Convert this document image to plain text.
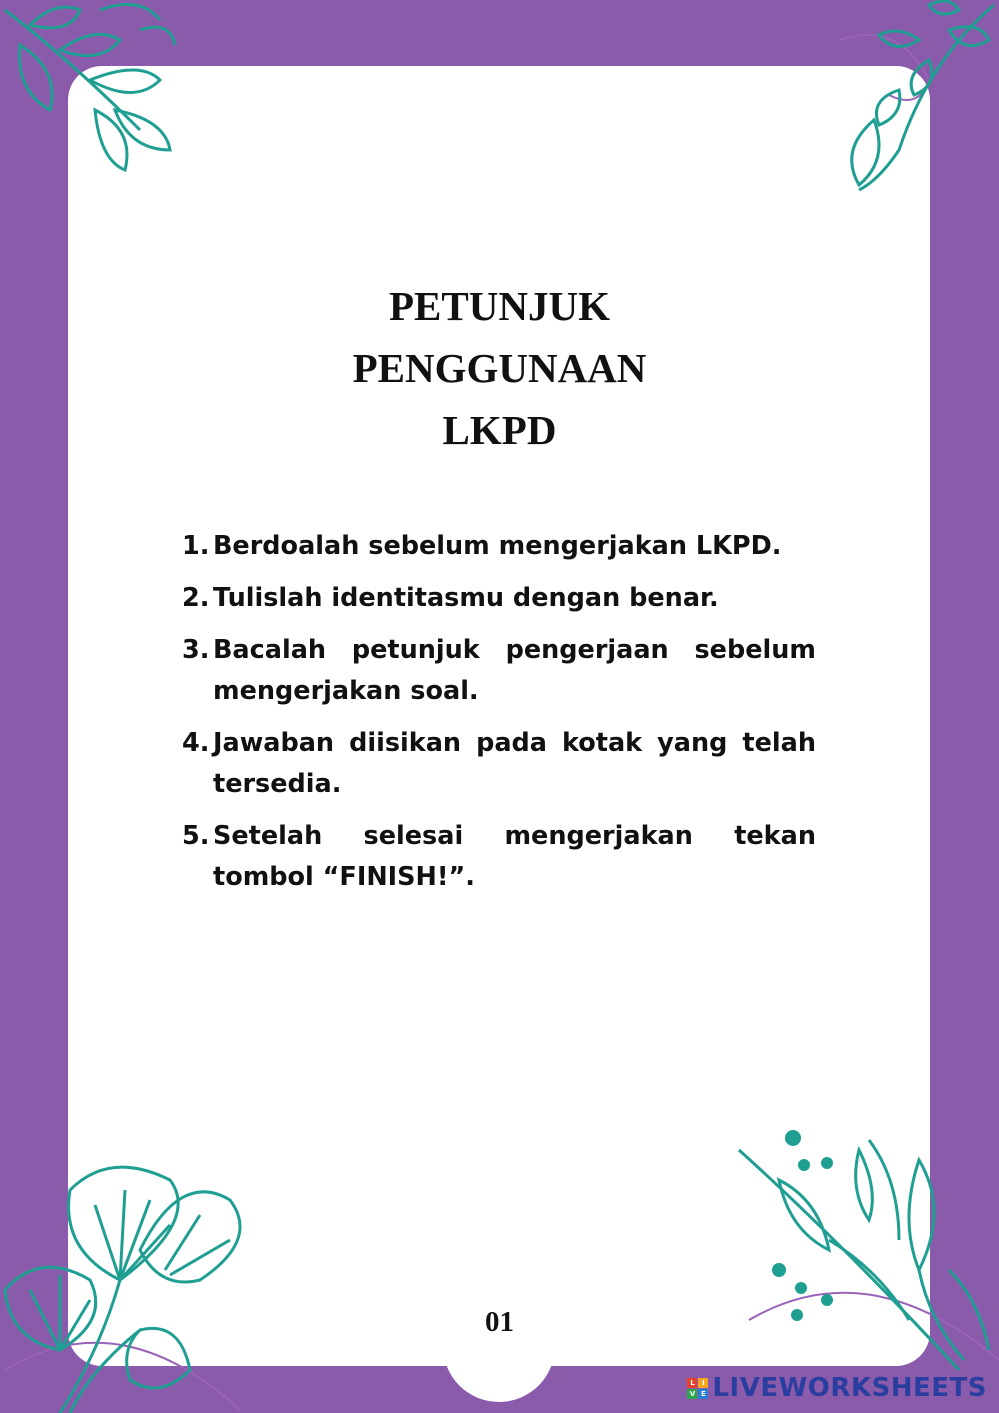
PETUNJUK
PENGGUNAAN
LKPD
1. Berdoalah sebelum mengerjakan LKPD.
2. Tulislah identitasmu dengan benar.
3. Bacalah petunjuk pengerjaan sebelum mengerjakan soal.
4. Jawaban diisikan pada kotak yang telah tersedia.
5. Setelah selesai mengerjakan tekan tombol “FINISH!”.
01
L	I
V E LIVEWORKSHEETS
